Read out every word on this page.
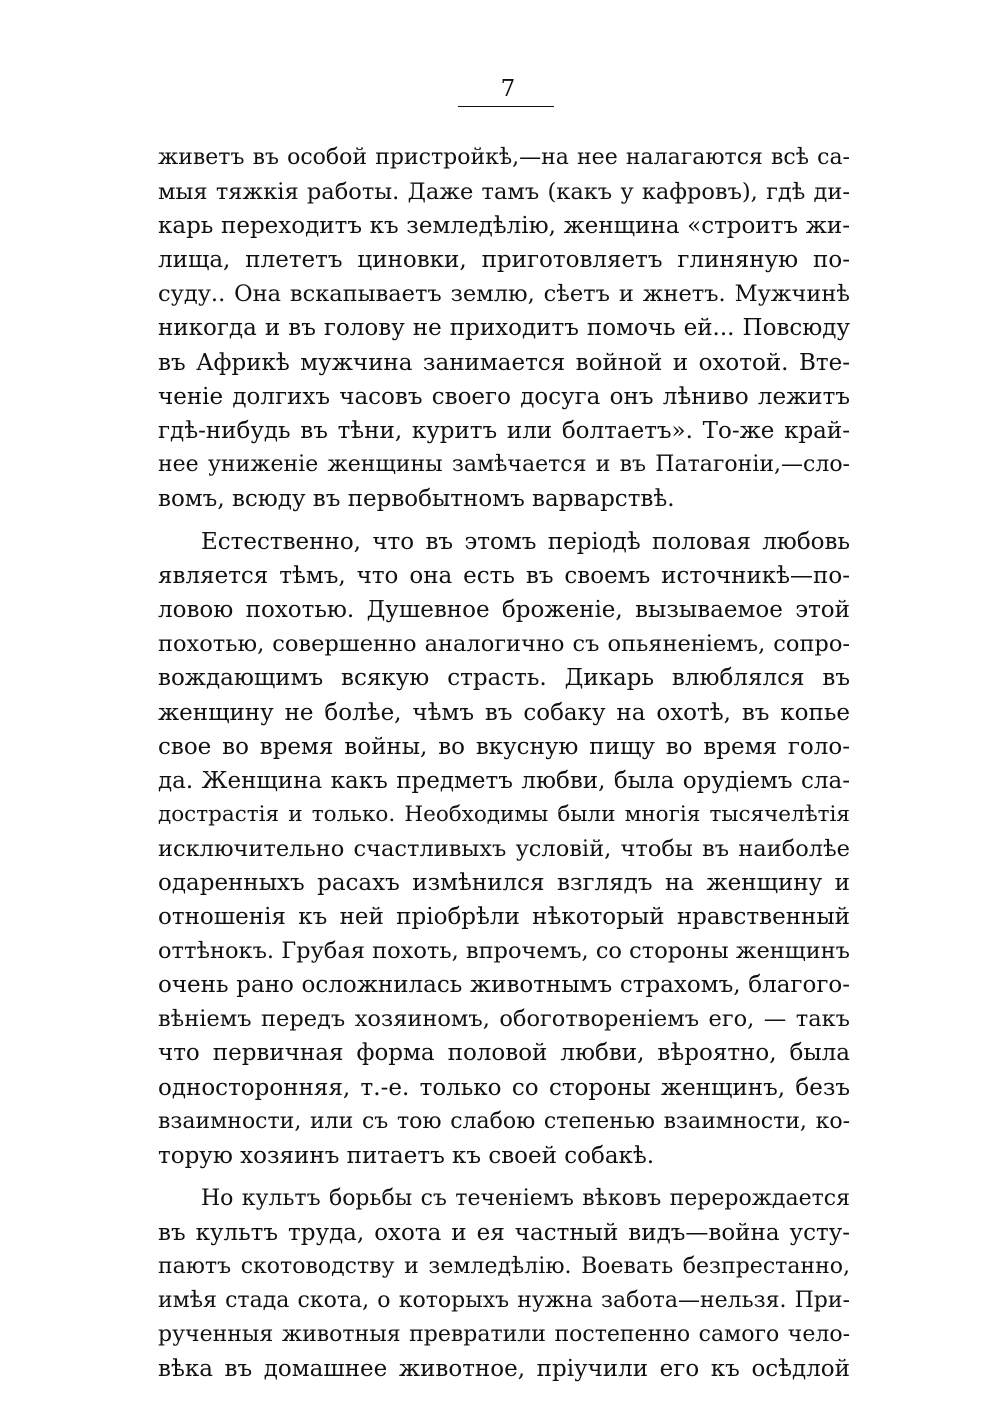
7
живетъ въ особой пристройкѣ,—на нее налагаются всѣ са-
мыя тяжкія работы. Даже тамъ (какъ у кафровъ), гдѣ ди-
карь переходитъ къ земледѣлію, женщина «строитъ жи-
лища, плететъ циновки, приготовляетъ глиняную по-
суду.. Она вскапываетъ землю, сѣетъ и жнетъ. Мужчинѣ
никогда и въ голову не приходитъ помочь ей... Повсюду
въ Африкѣ мужчина занимается войной и охотой. Вте-
ченіе долгихъ часовъ своего досуга онъ лѣниво лежитъ
гдѣ-нибудь въ тѣни, куритъ или болтаетъ». То-же край-
нее униженіе женщины замѣчается и въ Патагоніи,—сло-
вомъ, всюду въ первобытномъ варварствѣ.
Естественно, что въ этомъ періодѣ половая любовь
является тѣмъ, что она есть въ своемъ источникѣ—по-
ловою похотью. Душевное броженіе, вызываемое этой
похотью, совершенно аналогично съ опьяненіемъ, сопро-
вождающимъ всякую страсть. Дикарь влюблялся въ
женщину не болѣе, чѣмъ въ собаку на охотѣ, въ копье
свое во время войны, во вкусную пищу во время голо-
да. Женщина какъ предметъ любви, была орудіемъ сла-
дострастія и только. Необходимы были многія тысячелѣтія
исключительно счастливыхъ условій, чтобы въ наиболѣе
одаренныхъ расахъ измѣнился взглядъ на женщину и
отношенія къ ней пріобрѣли нѣкоторый нравственный
оттѣнокъ. Грубая похоть, впрочемъ, со стороны женщинъ
очень рано осложнилась животнымъ страхомъ, благого-
вѣніемъ передъ хозяиномъ, обоготвореніемъ его, — такъ
что первичная форма половой любви, вѣроятно, была
односторонняя, т.-е. только со стороны женщинъ, безъ
взаимности, или съ тою слабою степенью взаимности, ко-
торую хозяинъ питаетъ къ своей собакѣ.
Но культъ борьбы съ теченіемъ вѣковъ перерождается
въ культъ труда, охота и ея частный видъ—война усту-
паютъ скотоводству и земледѣлію. Воевать безпрестанно,
имѣя стада скота, о которыхъ нужна забота—нельзя. При-
рученныя животныя превратили постепенно самого чело-
вѣка въ домашнее животное, пріучили его къ осѣдлой
